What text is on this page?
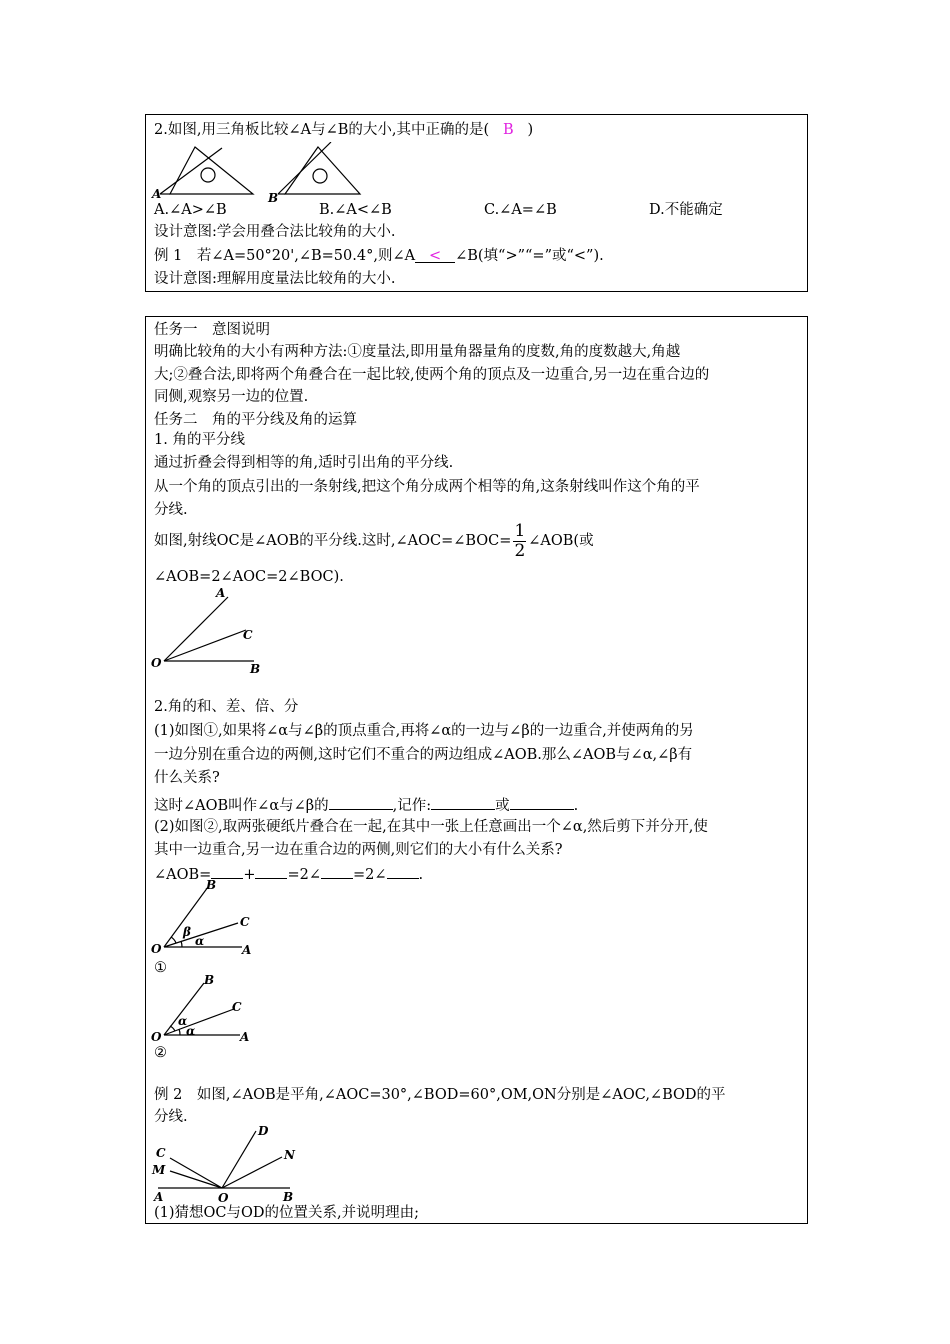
2.如图,用三角板比较∠A与∠B的大小,其中正确的是( B )
A	B
A.∠A>∠B	B.∠A<∠B	C.∠A=∠B	D.不能确定
设计意图:学会用叠合法比较角的大小.
例 1　若∠A=50°20',∠B=50.4°,则∠A < ∠B(填“>”“=”或“<”).
设计意图:理解用度量法比较角的大小.
任务一　意图说明
明确比较角的大小有两种方法:①度量法,即用量角器量角的度数,角的度数越大,角越
大;②叠合法,即将两个角叠合在一起比较,使两个角的顶点及一边重合,另一边在重合边的
同侧,观察另一边的位置.
任务二　角的平分线及角的运算
1. 角的平分线
通过折叠会得到相等的角,适时引出角的平分线.
从一个角的顶点引出的一条射线,把这个角分成两个相等的角,这条射线叫作这个角的平
分线.
如图,射线OC是∠AOB的平分线.这时,∠AOC=∠BOC= $\frac{1}{2}$ ∠AOB(或
∠AOB=2∠AOC=2∠BOC).
A
C
O	B
2.角的和、差、倍、分
(1)如图①,如果将∠α与∠β的顶点重合,再将∠α的一边与∠β的一边重合,并使两角的另
一边分别在重合边的两侧,这时它们不重合的两边组成∠AOB.那么∠AOB与∠α,∠β有
什么关系?
这时∠AOB叫作∠α与∠β的	,记作:	或	.
(2)如图②,取两张硬纸片叠合在一起,在其中一张上任意画出一个∠α,然后剪下并分开,使
其中一边重合,另一边在重合边的两侧,则它们的大小有什么关系?
∠AOB= + =2∠ =2∠ .
B
C
β
α
O	A
①
B
C
α
α
O	A
②
例 2　如图,∠AOB是平角,∠AOC=30°,∠BOD=60°,OM,ON分别是∠AOC,∠BOD的平
分线.
D
C	N
M
A	O	B
(1)猜想OC与OD的位置关系,并说明理由;
